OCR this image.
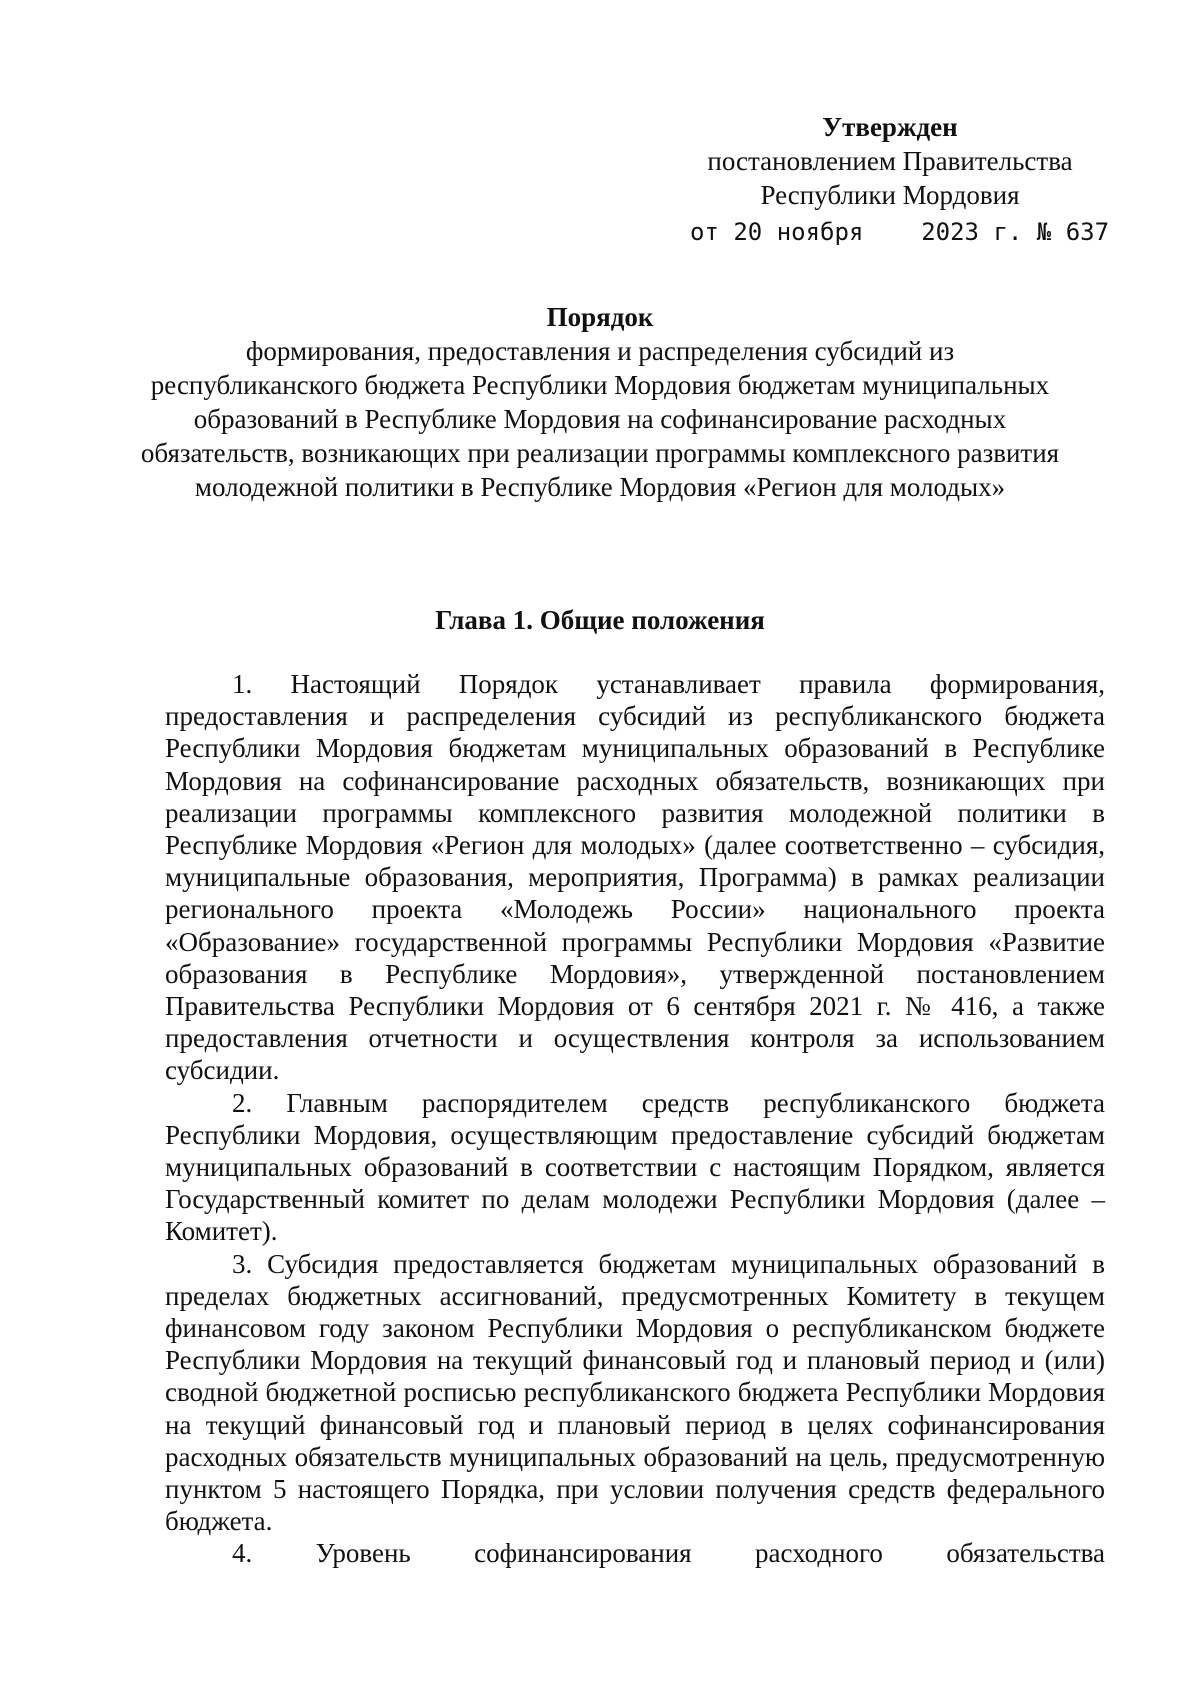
Утвержден
постановлением Правительства
Республики Мордовия
от 20 ноября 2023 г. № 637
Порядок
формирования, предоставления и распределения субсидий из республиканского бюджета Республики Мордовия бюджетам муниципальных образований в Республике Мордовия на софинансирование расходных обязательств, возникающих при реализации программы комплексного развития молодежной политики в Республике Мордовия «Регион для молодых»
Глава 1. Общие положения

1. Настоящий Порядок устанавливает правила формирования, предоставления и распределения субсидий из республиканского бюджета Республики Мордовия бюджетам муниципальных образований в Республике Мордовия на софинансирование расходных обязательств, возникающих при реализации программы комплексного развития молодежной политики в Республике Мордовия «Регион для молодых» (далее соответственно – субсидия, муниципальные образования, мероприятия, Программа) в рамках реализации регионального проекта «Молодежь России» национального проекта «Образование» государственной программы Республики Мордовия «Развитие образования в Республике Мордовия», утвержденной постановлением Правительства Республики Мордовия от 6 сентября 2021 г. № 416, а также предоставления отчетности и осуществления контроля за использованием субсидии.

2. Главным распорядителем средств республиканского бюджета Республики Мордовия, осуществляющим предоставление субсидий бюджетам муниципальных образований в соответствии с настоящим Порядком, является Государственный комитет по делам молодежи Республики Мордовия (далее – Комитет).

3. Субсидия предоставляется бюджетам муниципальных образований в пределах бюджетных ассигнований, предусмотренных Комитету в текущем финансовом году законом Республики Мордовия о республиканском бюджете Республики Мордовия на текущий финансовый год и плановый период и (или) сводной бюджетной росписью республиканского бюджета Республики Мордовия на текущий финансовый год и плановый период в целях софинансирования расходных обязательств муниципальных образований на цель, предусмотренную пунктом 5 настоящего Порядка, при условии получения средств федерального бюджета.

4. Уровень софинансирования расходного обязательства
